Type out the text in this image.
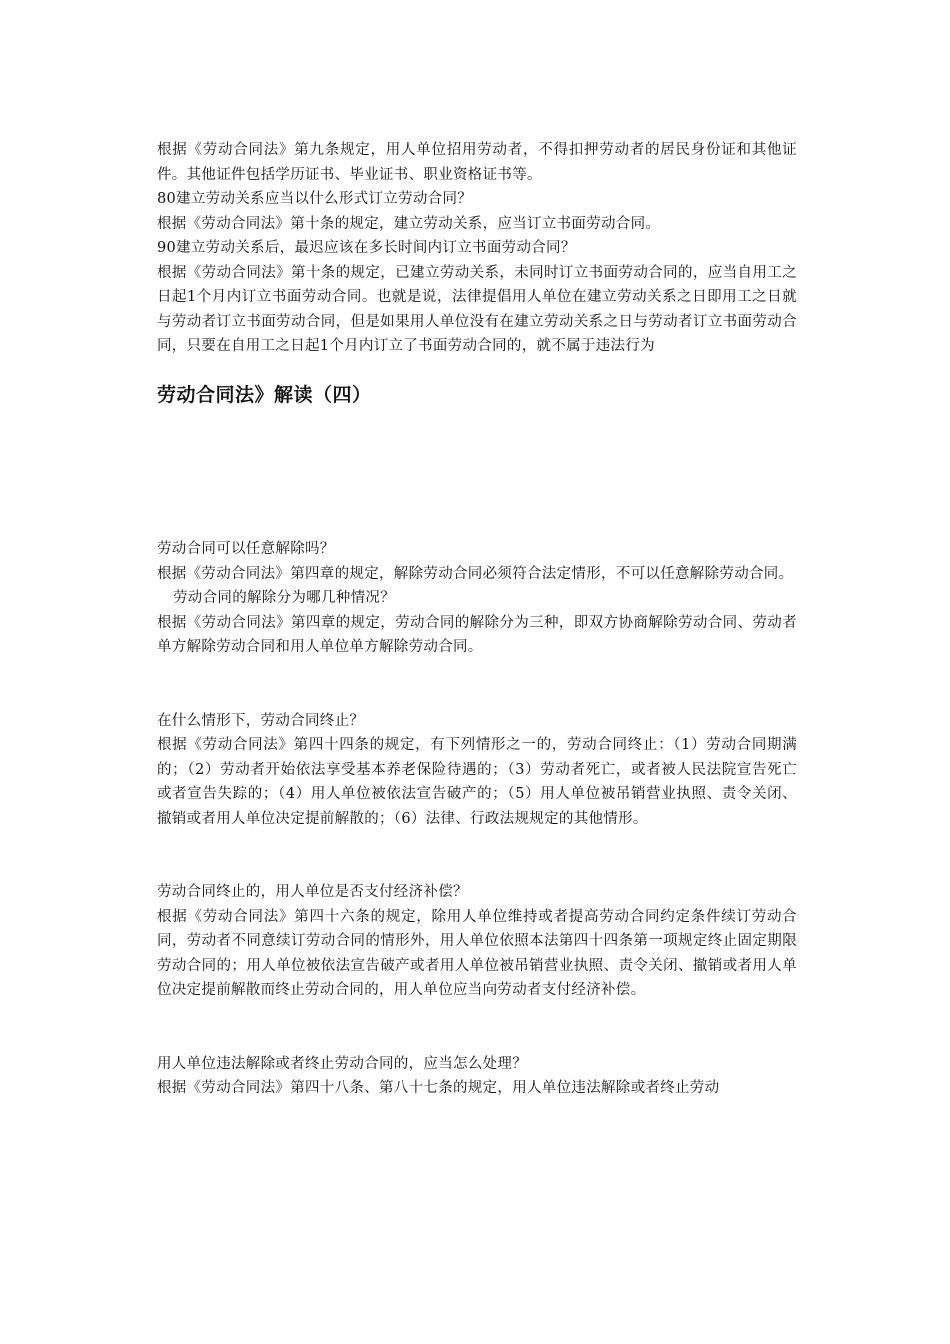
根据《劳动合同法》第九条规定，用人单位招用劳动者，不得扣押劳动者的居民身份证和其他证件。其他证件包括学历证书、毕业证书、职业资格证书等。

80建立劳动关系应当以什么形式订立劳动合同？

根据《劳动合同法》第十条的规定，建立劳动关系，应当订立书面劳动合同。

90建立劳动关系后，最迟应该在多长时间内订立书面劳动合同？

根据《劳动合同法》第十条的规定，已建立劳动关系，未同时订立书面劳动合同的，应当自用工之日起1个月内订立书面劳动合同。也就是说，法律提倡用人单位在建立劳动关系之日即用工之日就与劳动者订立书面劳动合同，但是如果用人单位没有在建立劳动关系之日与劳动者订立书面劳动合同，只要在自用工之日起1个月内订立了书面劳动合同的，就不属于违法行为

劳动合同法》解读（四）

劳动合同可以任意解除吗？

根据《劳动合同法》第四章的规定，解除劳动合同必须符合法定情形，不可以任意解除劳动合同。

劳动合同的解除分为哪几种情况？

根据《劳动合同法》第四章的规定，劳动合同的解除分为三种，即双方协商解除劳动合同、劳动者单方解除劳动合同和用人单位单方解除劳动合同。

在什么情形下，劳动合同终止？

根据《劳动合同法》第四十四条的规定，有下列情形之一的，劳动合同终止：（1）劳动合同期满的；（2）劳动者开始依法享受基本养老保险待遇的；（3）劳动者死亡，或者被人民法院宣告死亡或者宣告失踪的；（4）用人单位被依法宣告破产的；（5）用人单位被吊销营业执照、责令关闭、撤销或者用人单位决定提前解散的；（6）法律、行政法规规定的其他情形。

劳动合同终止的，用人单位是否支付经济补偿？

根据《劳动合同法》第四十六条的规定，除用人单位维持或者提高劳动合同约定条件续订劳动合同，劳动者不同意续订劳动合同的情形外，用人单位依照本法第四十四条第一项规定终止固定期限劳动合同的；用人单位被依法宣告破产或者用人单位被吊销营业执照、责令关闭、撤销或者用人单位决定提前解散而终止劳动合同的，用人单位应当向劳动者支付经济补偿。

用人单位违法解除或者终止劳动合同的，应当怎么处理？

根据《劳动合同法》第四十八条、第八十七条的规定，用人单位违法解除或者终止劳动
